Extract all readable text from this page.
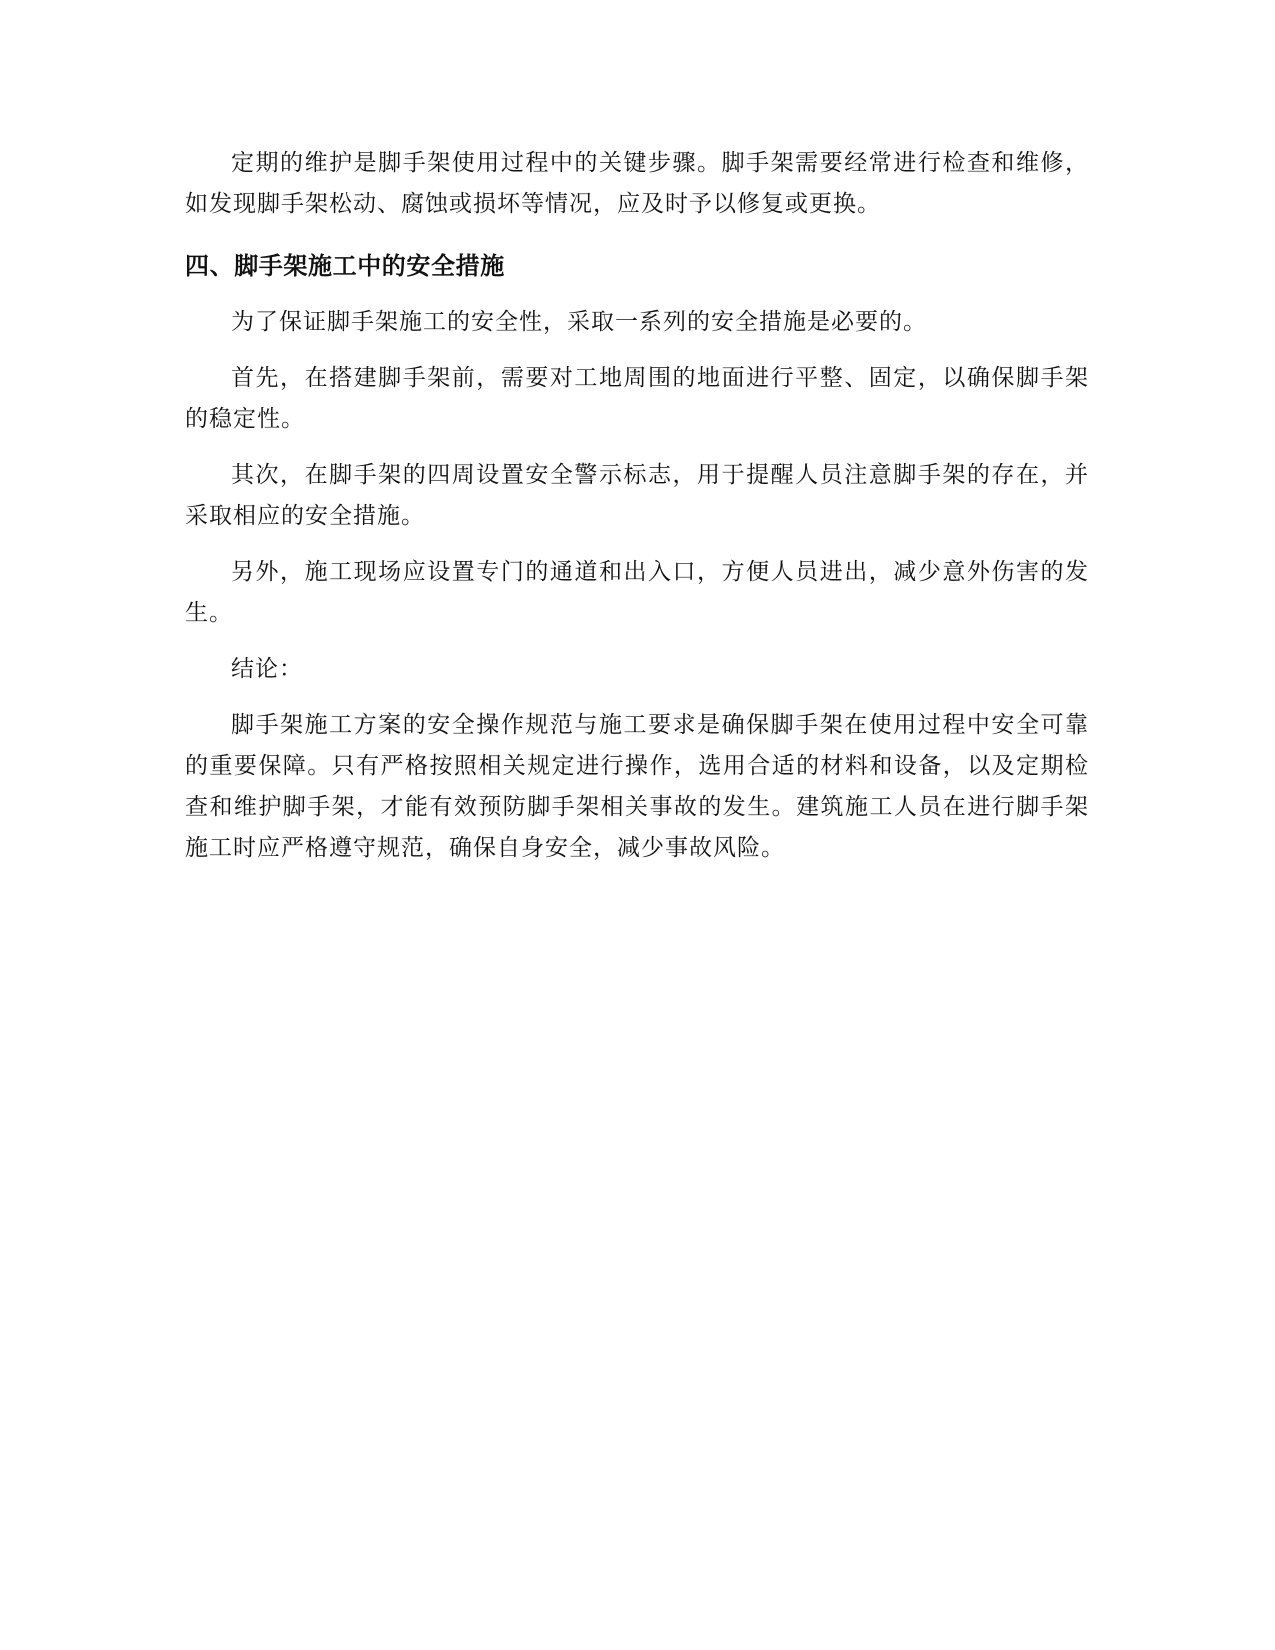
定期的维护是脚手架使用过程中的关键步骤。脚手架需要经常进行检查和维修，如发现脚手架松动、腐蚀或损坏等情况，应及时予以修复或更换。

四、脚手架施工中的安全措施

为了保证脚手架施工的安全性，采取一系列的安全措施是必要的。

首先，在搭建脚手架前，需要对工地周围的地面进行平整、固定，以确保脚手架的稳定性。

其次，在脚手架的四周设置安全警示标志，用于提醒人员注意脚手架的存在，并采取相应的安全措施。

另外，施工现场应设置专门的通道和出入口，方便人员进出，减少意外伤害的发生。

结论：

脚手架施工方案的安全操作规范与施工要求是确保脚手架在使用过程中安全可靠的重要保障。只有严格按照相关规定进行操作，选用合适的材料和设备，以及定期检查和维护脚手架，才能有效预防脚手架相关事故的发生。建筑施工人员在进行脚手架施工时应严格遵守规范，确保自身安全，减少事故风险。
